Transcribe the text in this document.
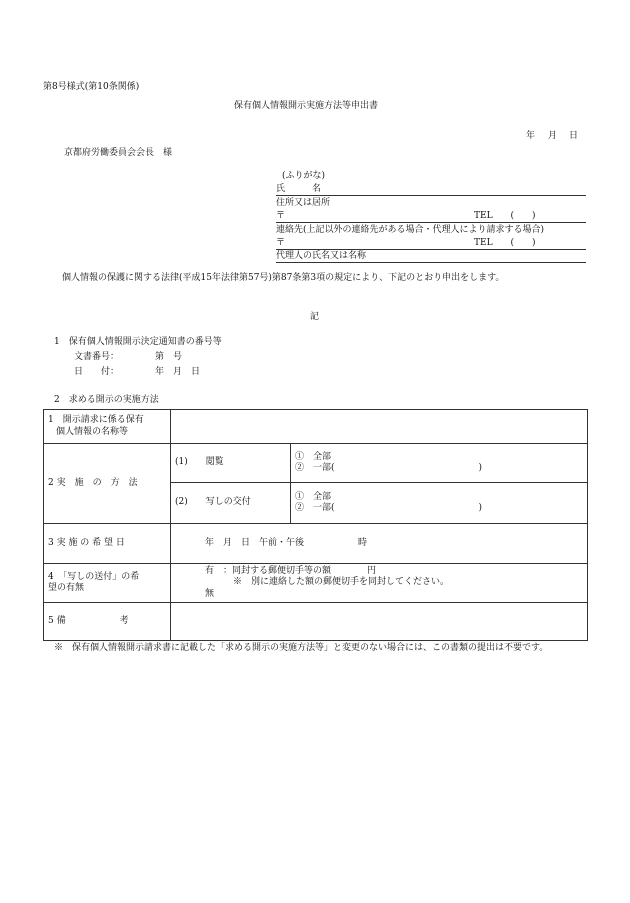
第8号様式(第10条関係)
保有個人情報開示実施方法等申出書
年 月 日
京都府労働委員会会長　様
(ふりがな)
氏　　　名
住所又は居所
〒	TEL　　(　　)
連絡先(上記以外の連絡先がある場合・代理人により請求する場合)
〒	TEL　　(　　)
代理人の氏名又は名称
個人情報の保護に関する法律(平成15年法律第57号)第87条第3項の規定により、下記のとおり申出をします。
記
1　保有個人情報開示決定通知書の番号等
文書番号：	第　号
日　　付：	年　月　日
2　求める開示の実施方法
1　開示請求に係る保有
個人情報の名称等		

2 実　施　の　方　法	(1)　　閲覧	①　全部
②　一部(　　　　　　　　　　　　　　　　)

	(2)　　写しの交付	①　全部
②　一部(　　　　　　　　　　　　　　　　)

3 実 施 の 希 望 日	年　月　日　午前・午後　　　　　　時	

4　「写しの送付」の希
望の有無	有　：同封する郵便切手等の額　　　　円
※　別に連絡した額の郵便切手を同封してください。
無	

5 備　　　　　　考		
※　保有個人情報開示請求書に記載した「求める開示の実施方法等」と変更のない場合には、この書類の提出は不要です。
